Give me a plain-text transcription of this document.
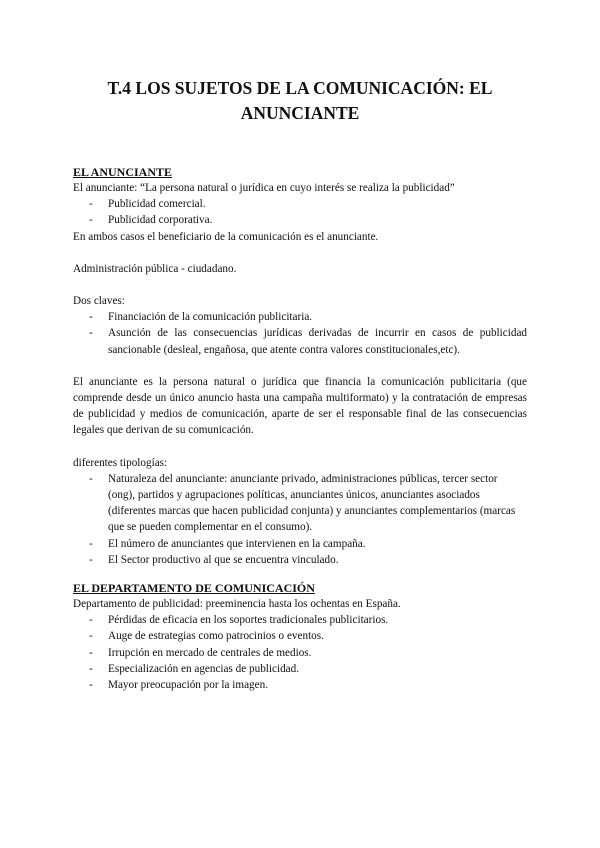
T.4 LOS SUJETOS DE LA COMUNICACIÓN: EL
ANUNCIANTE

EL ANUNCIANTE

El anunciante: “La persona natural o jurídica en cuyo interés se realiza la publicidad”

- Publicidad comercial.
- Publicidad corporativa.

En ambos casos el beneficiario de la comunicación es el anunciante.

Administración pública - ciudadano.

Dos claves:

- Financiación de la comunicación publicitaria.
- Asunción de las consecuencias jurídicas derivadas de incurrir en casos de publicidad sancionable (desleal, engañosa, que atente contra valores constitucionales,etc).

El anunciante es la persona natural o jurídica que financia la comunicación publicitaria (que comprende desde un único anuncio hasta una campaña multiformato) y la contratación de empresas de publicidad y medios de comunicación, aparte de ser el responsable final de las consecuencias legales que derivan de su comunicación.

diferentes tipologías:

- Naturaleza del anunciante: anunciante privado, administraciones públicas, tercer sector (ong), partidos y agrupaciones políticas, anunciantes únicos, anunciantes asociados (diferentes marcas que hacen publicidad conjunta) y anunciantes complementarios (marcas que se pueden complementar en el consumo).
- El número de anunciantes que intervienen en la campaña.
- El Sector productivo al que se encuentra vinculado.

EL DEPARTAMENTO DE COMUNICACIÓN

Departamento de publicidad: preeminencia hasta los ochentas en España.

- Pérdidas de eficacia en los soportes tradicionales publicitarios.
- Auge de estrategias como patrocinios o eventos.
- Irrupción en mercado de centrales de medios.
- Especialización en agencias de publicidad.
- Mayor preocupación por la imagen.
